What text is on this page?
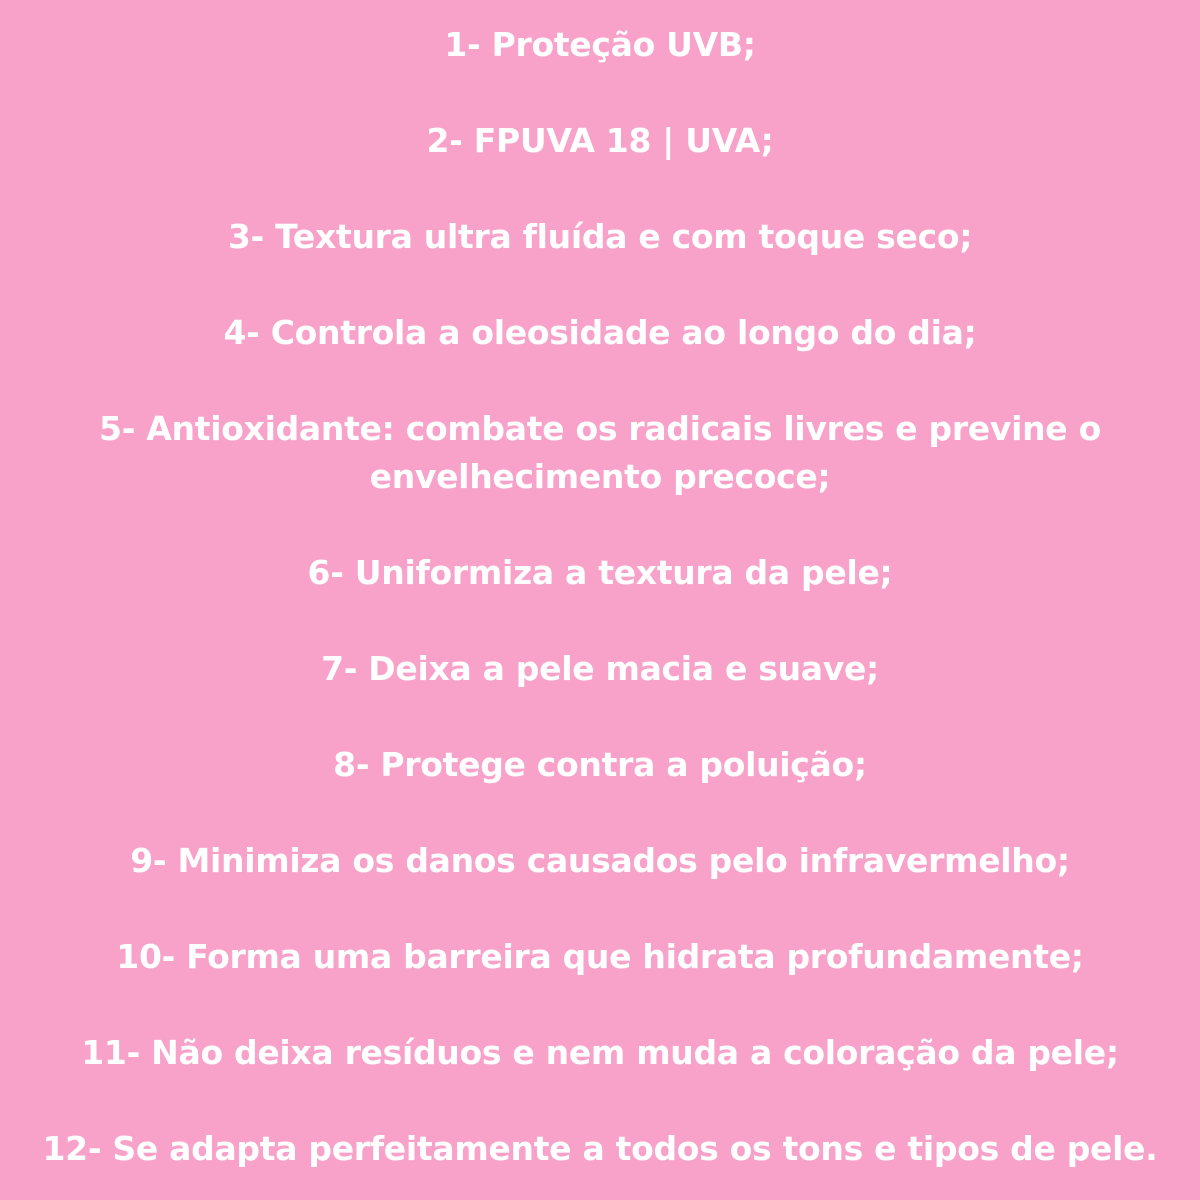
1- Proteção UVB;
2- FPUVA 18 | UVA;
3- Textura ultra fluída e com toque seco;
4- Controla a oleosidade ao longo do dia;
5- Antioxidante: combate os radicais livres e previne o
envelhecimento precoce;
6- Uniformiza a textura da pele;
7- Deixa a pele macia e suave;
8- Protege contra a poluição;
9- Minimiza os danos causados pelo infravermelho;
10- Forma uma barreira que hidrata profundamente;
11- Não deixa resíduos e nem muda a coloração da pele;
12- Se adapta perfeitamente a todos os tons e tipos de pele.
